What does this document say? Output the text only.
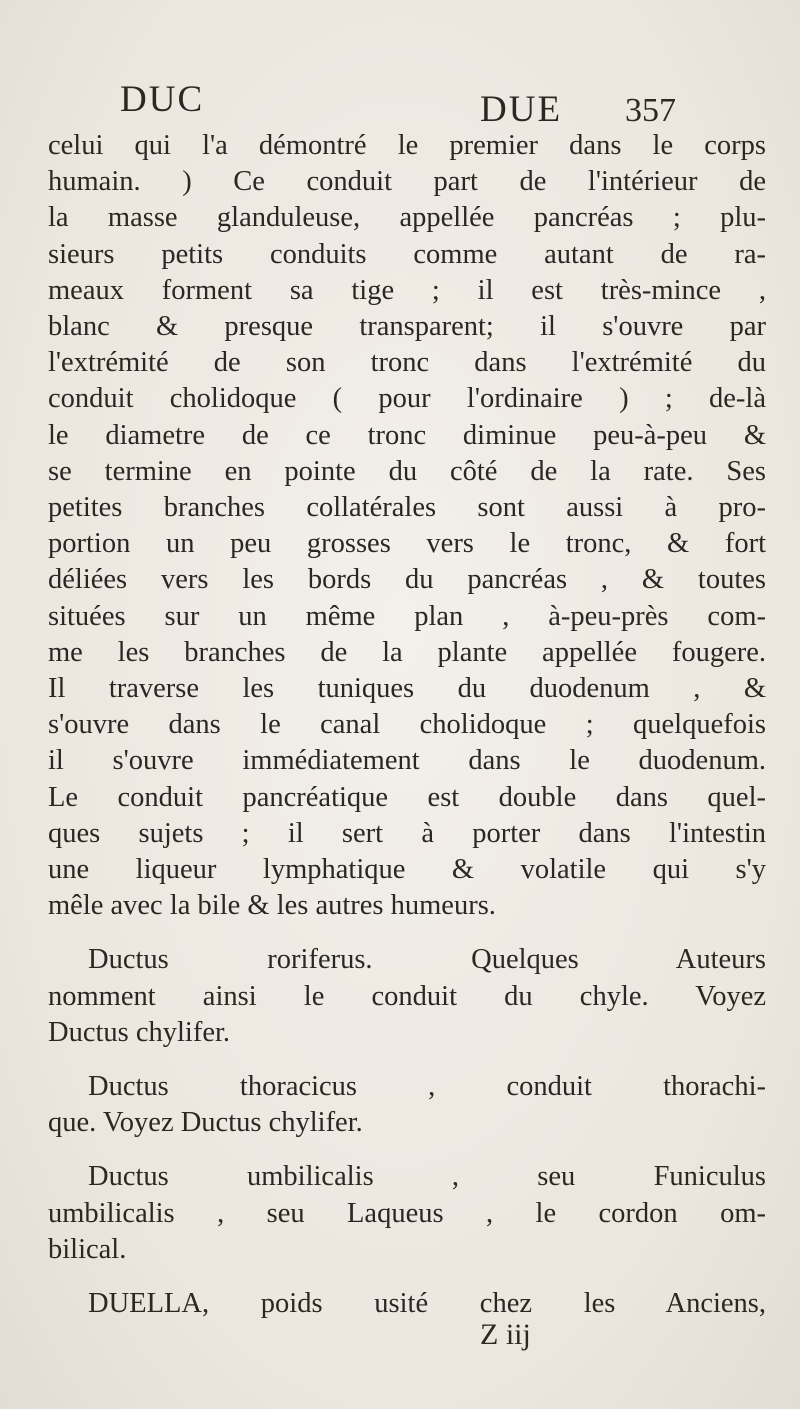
DUC	DUE 357
celui qui l'a démontré le premier dans le corps
humain. ) Ce conduit part de l'intérieur de
la masse glanduleuse, appellée pancréas ; plu-
sieurs petits conduits comme autant de ra-
meaux forment sa tige ; il est très-mince ,
blanc & presque transparent; il s'ouvre par
l'extrémité de son tronc dans l'extrémité du
conduit cholidoque ( pour l'ordinaire ) ; de-là
le diametre de ce tronc diminue peu-à-peu &
se termine en pointe du côté de la rate. Ses
petites branches collatérales sont aussi à pro-
portion un peu grosses vers le tronc, & fort
déliées vers les bords du pancréas , & toutes
situées sur un même plan , à-peu-près com-
me les branches de la plante appellée fougere.
Il traverse les tuniques du duodenum , &
s'ouvre dans le canal cholidoque ; quelquefois
il s'ouvre immédiatement dans le duodenum.
Le conduit pancréatique est double dans quel-
ques sujets ; il sert à porter dans l'intestin
une liqueur lymphatique & volatile qui s'y
mêle avec la bile & les autres humeurs.
Ductus roriferus. Quelques Auteurs
nomment ainsi le conduit du chyle. Voyez
Ductus chylifer.
Ductus thoracicus , conduit thorachi-
que. Voyez Ductus chylifer.
Ductus umbilicalis , seu Funiculus
umbilicalis , seu Laqueus , le cordon om-
bilical.
DUELLA, poids usité chez les Anciens,
Z iij
